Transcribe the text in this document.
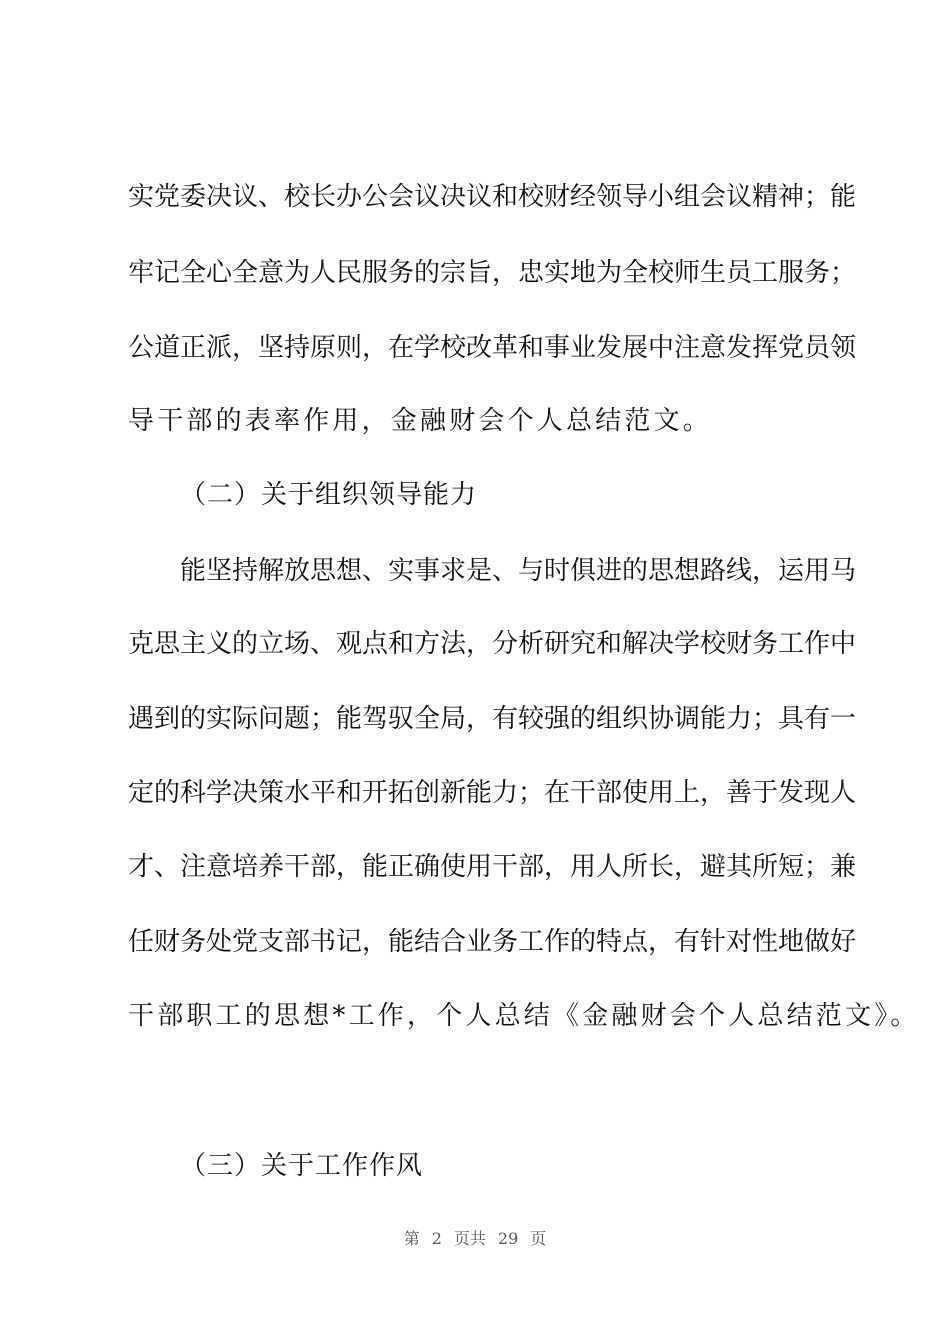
实党委决议、校长办公会议决议和校财经领导小组会议精神；能
牢记全心全意为人民服务的宗旨，忠实地为全校师生员工服务；
公道正派，坚持原则，在学校改革和事业发展中注意发挥党员领
导干部的表率作用，金融财会个人总结范文。
（二）关于组织领导能力
能坚持解放思想、实事求是、与时俱进的思想路线，运用马
克思主义的立场、观点和方法，分析研究和解决学校财务工作中
遇到的实际问题；能驾驭全局，有较强的组织协调能力；具有一
定的科学决策水平和开拓创新能力；在干部使用上，善于发现人
才、注意培养干部，能正确使用干部，用人所长，避其所短；兼
任财务处党支部书记，能结合业务工作的特点，有针对性地做好
干部职工的思想*工作，个人总结《金融财会个人总结范文》。
（三）关于工作作风
第 2 页共 29 页
